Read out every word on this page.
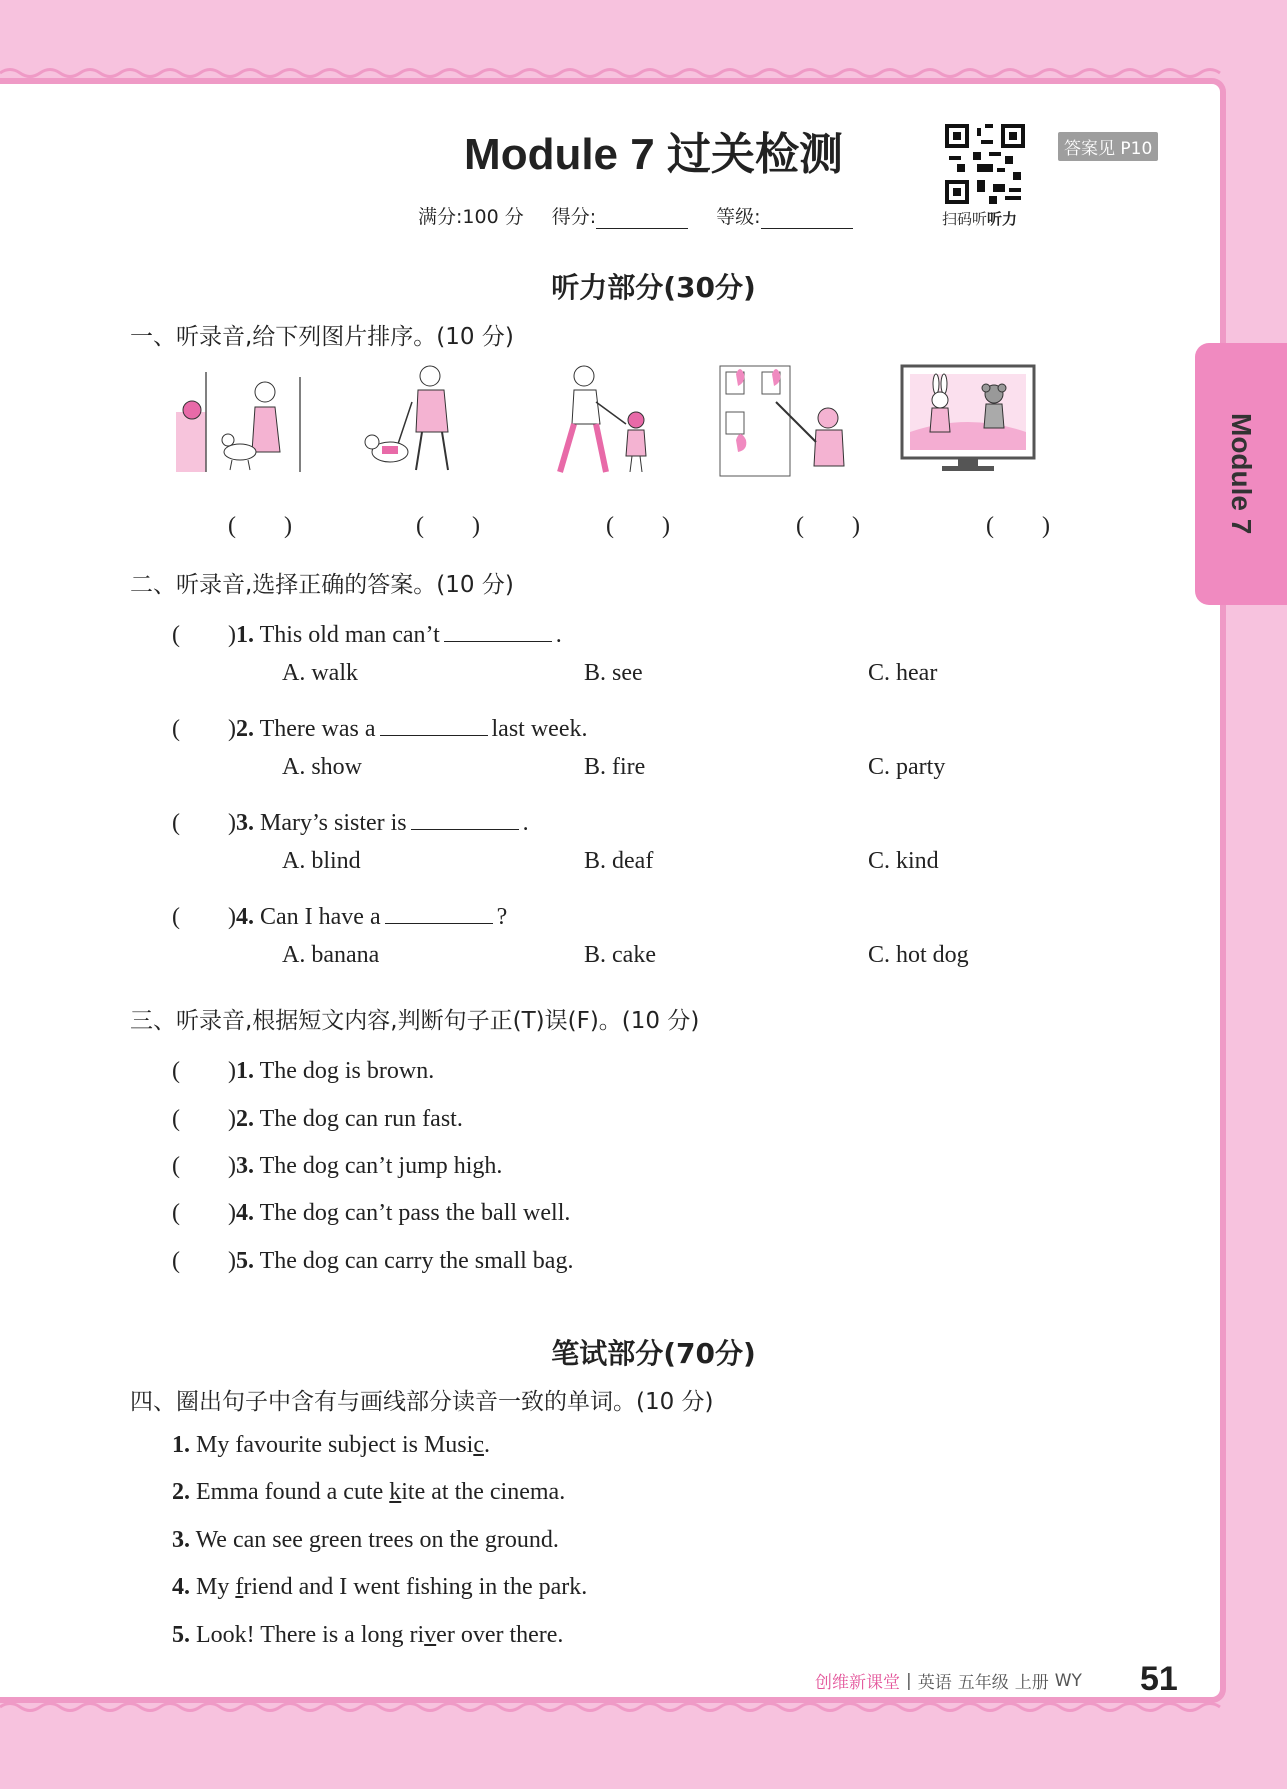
Module 7
Module 7 过关检测
扫码听听力
答案见 P10
满分:100 分 得分:	等级:
听力部分(30分)
一、听录音,给下列图片排序。(10 分)
(　　)	(　　)	(　　)	(　　)	(　　)
二、听录音,选择正确的答案。(10 分)
(　　)1. This old man can’t	.
A. walk	B. see	C. hear
(　　)2. There was a	last week.
A. show	B. fire	C. party
(　　)3. Mary’s sister is	.
A. blind	B. deaf	C. kind
(　　)4. Can I have a	?
A. banana	B. cake	C. hot dog
三、听录音,根据短文内容,判断句子正(T)误(F)。(10 分)
(　　)1. The dog is brown.
(　　)2. The dog can run fast.
(　　)3. The dog can’t jump high.
(　　)4. The dog can’t pass the ball well.
(　　)5. The dog can carry the small bag.
笔试部分(70分)
四、圈出句子中含有与画线部分读音一致的单词。(10 分)
1. My favourite subject is Music.
2. Emma found a cute kite at the cinema.
3. We can see green trees on the ground.
4. My friend and I went fishing in the park.
5. Look! There is a long river over there.
创维新课堂 | 英语 五年级 上册 WY 51
